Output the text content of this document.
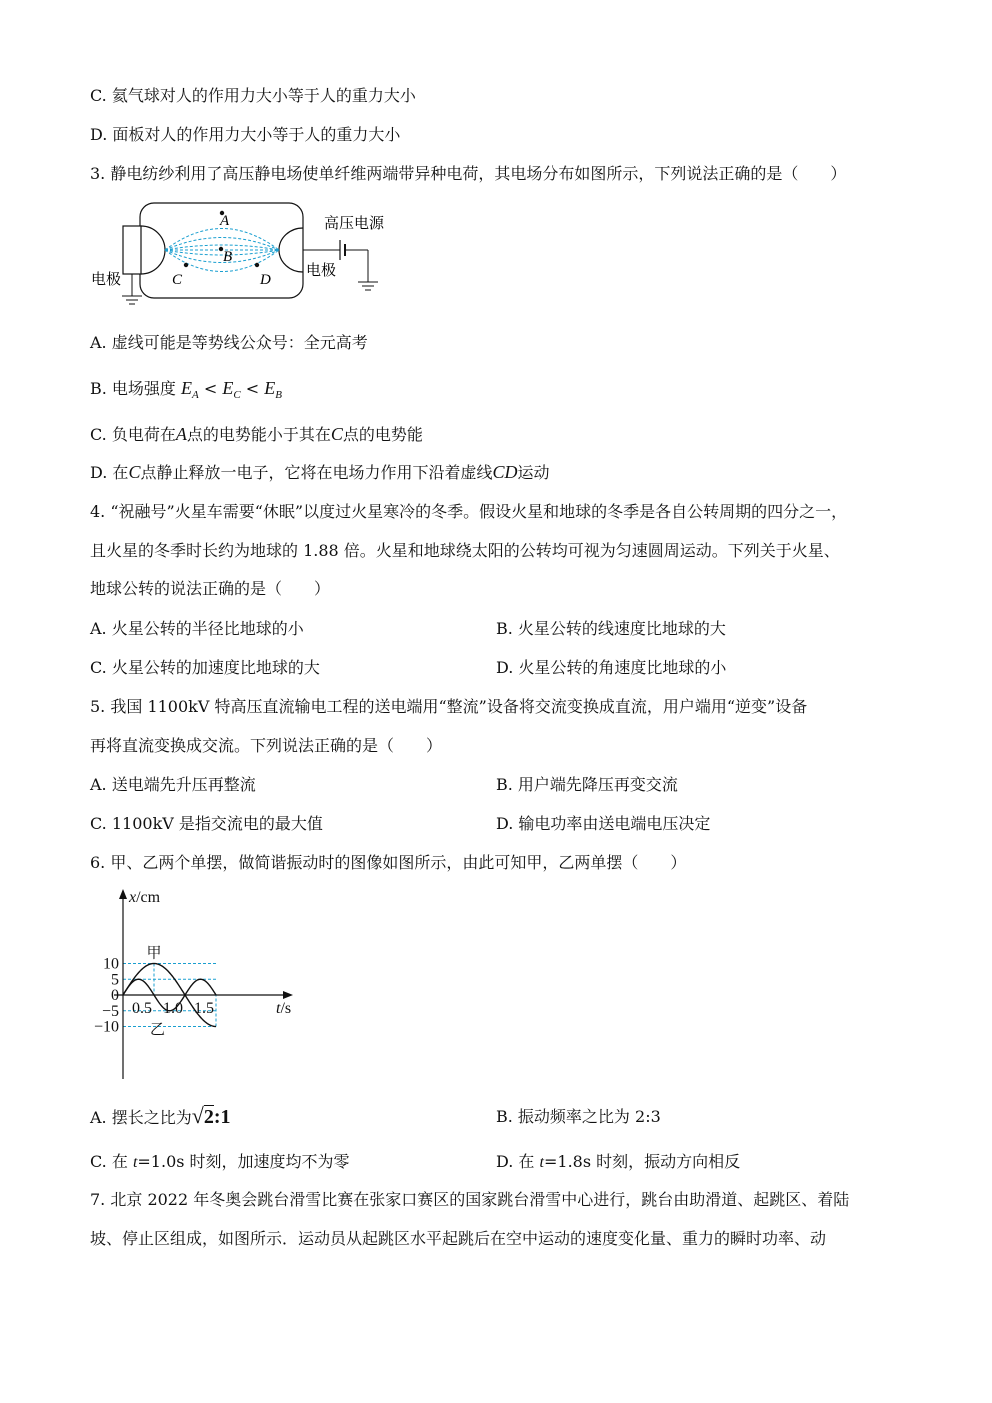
C. 氦气球对人的作用力大小等于人的重力大小
D. 面板对人的作用力大小等于人的重力大小
3. 静电纺纱利用了高压静电场使单纤维两端带异种电荷，其电场分布如图所示，下列说法正确的是（　　）
A
B
C	D
高压电源
电极
电极
A. 虚线可能是等势线公众号：全元高考
B. 电场强度 $E_A < E_C < E_B$
C. 负电荷在A点的电势能小于其在C点的电势能
D. 在C点静止释放一电子，它将在电场力作用下沿着虚线CD运动
4. “祝融号”火星车需要“休眠”以度过火星寒冷的冬季。假设火星和地球的冬季是各自公转周期的四分之一，
且火星的冬季时长约为地球的 1.88 倍。火星和地球绕太阳的公转均可视为匀速圆周运动。下列关于火星、
地球公转的说法正确的是（　　）
A. 火星公转的半径比地球的小	B. 火星公转的线速度比地球的大
C. 火星公转的加速度比地球的大	D. 火星公转的角速度比地球的小
5. 我国 1100kV 特高压直流输电工程的送电端用“整流”设备将交流变换成直流，用户端用“逆变”设备
再将直流变换成交流。下列说法正确的是（　　）
A. 送电端先升压再整流	B. 用户端先降压再变交流
C. 1100kV 是指交流电的最大值	D. 输电功率由送电端电压决定
6. 甲、乙两个单摆，做简谐振动时的图像如图所示，由此可知甲，乙两单摆（　　）
10
5
0
−5
−10
0.5 1.0 1.5
x/cm
t/s
甲
乙
A. 摆长之比为√2:1	B. 振动频率之比为 2:3
C. 在 t=1.0s 时刻，加速度均不为零	D. 在 t=1.8s 时刻，振动方向相反
7. 北京 2022 年冬奥会跳台滑雪比赛在张家口赛区的国家跳台滑雪中心进行，跳台由助滑道、起跳区、着陆
坡、停止区组成，如图所示．运动员从起跳区水平起跳后在空中运动的速度变化量、重力的瞬时功率、动
